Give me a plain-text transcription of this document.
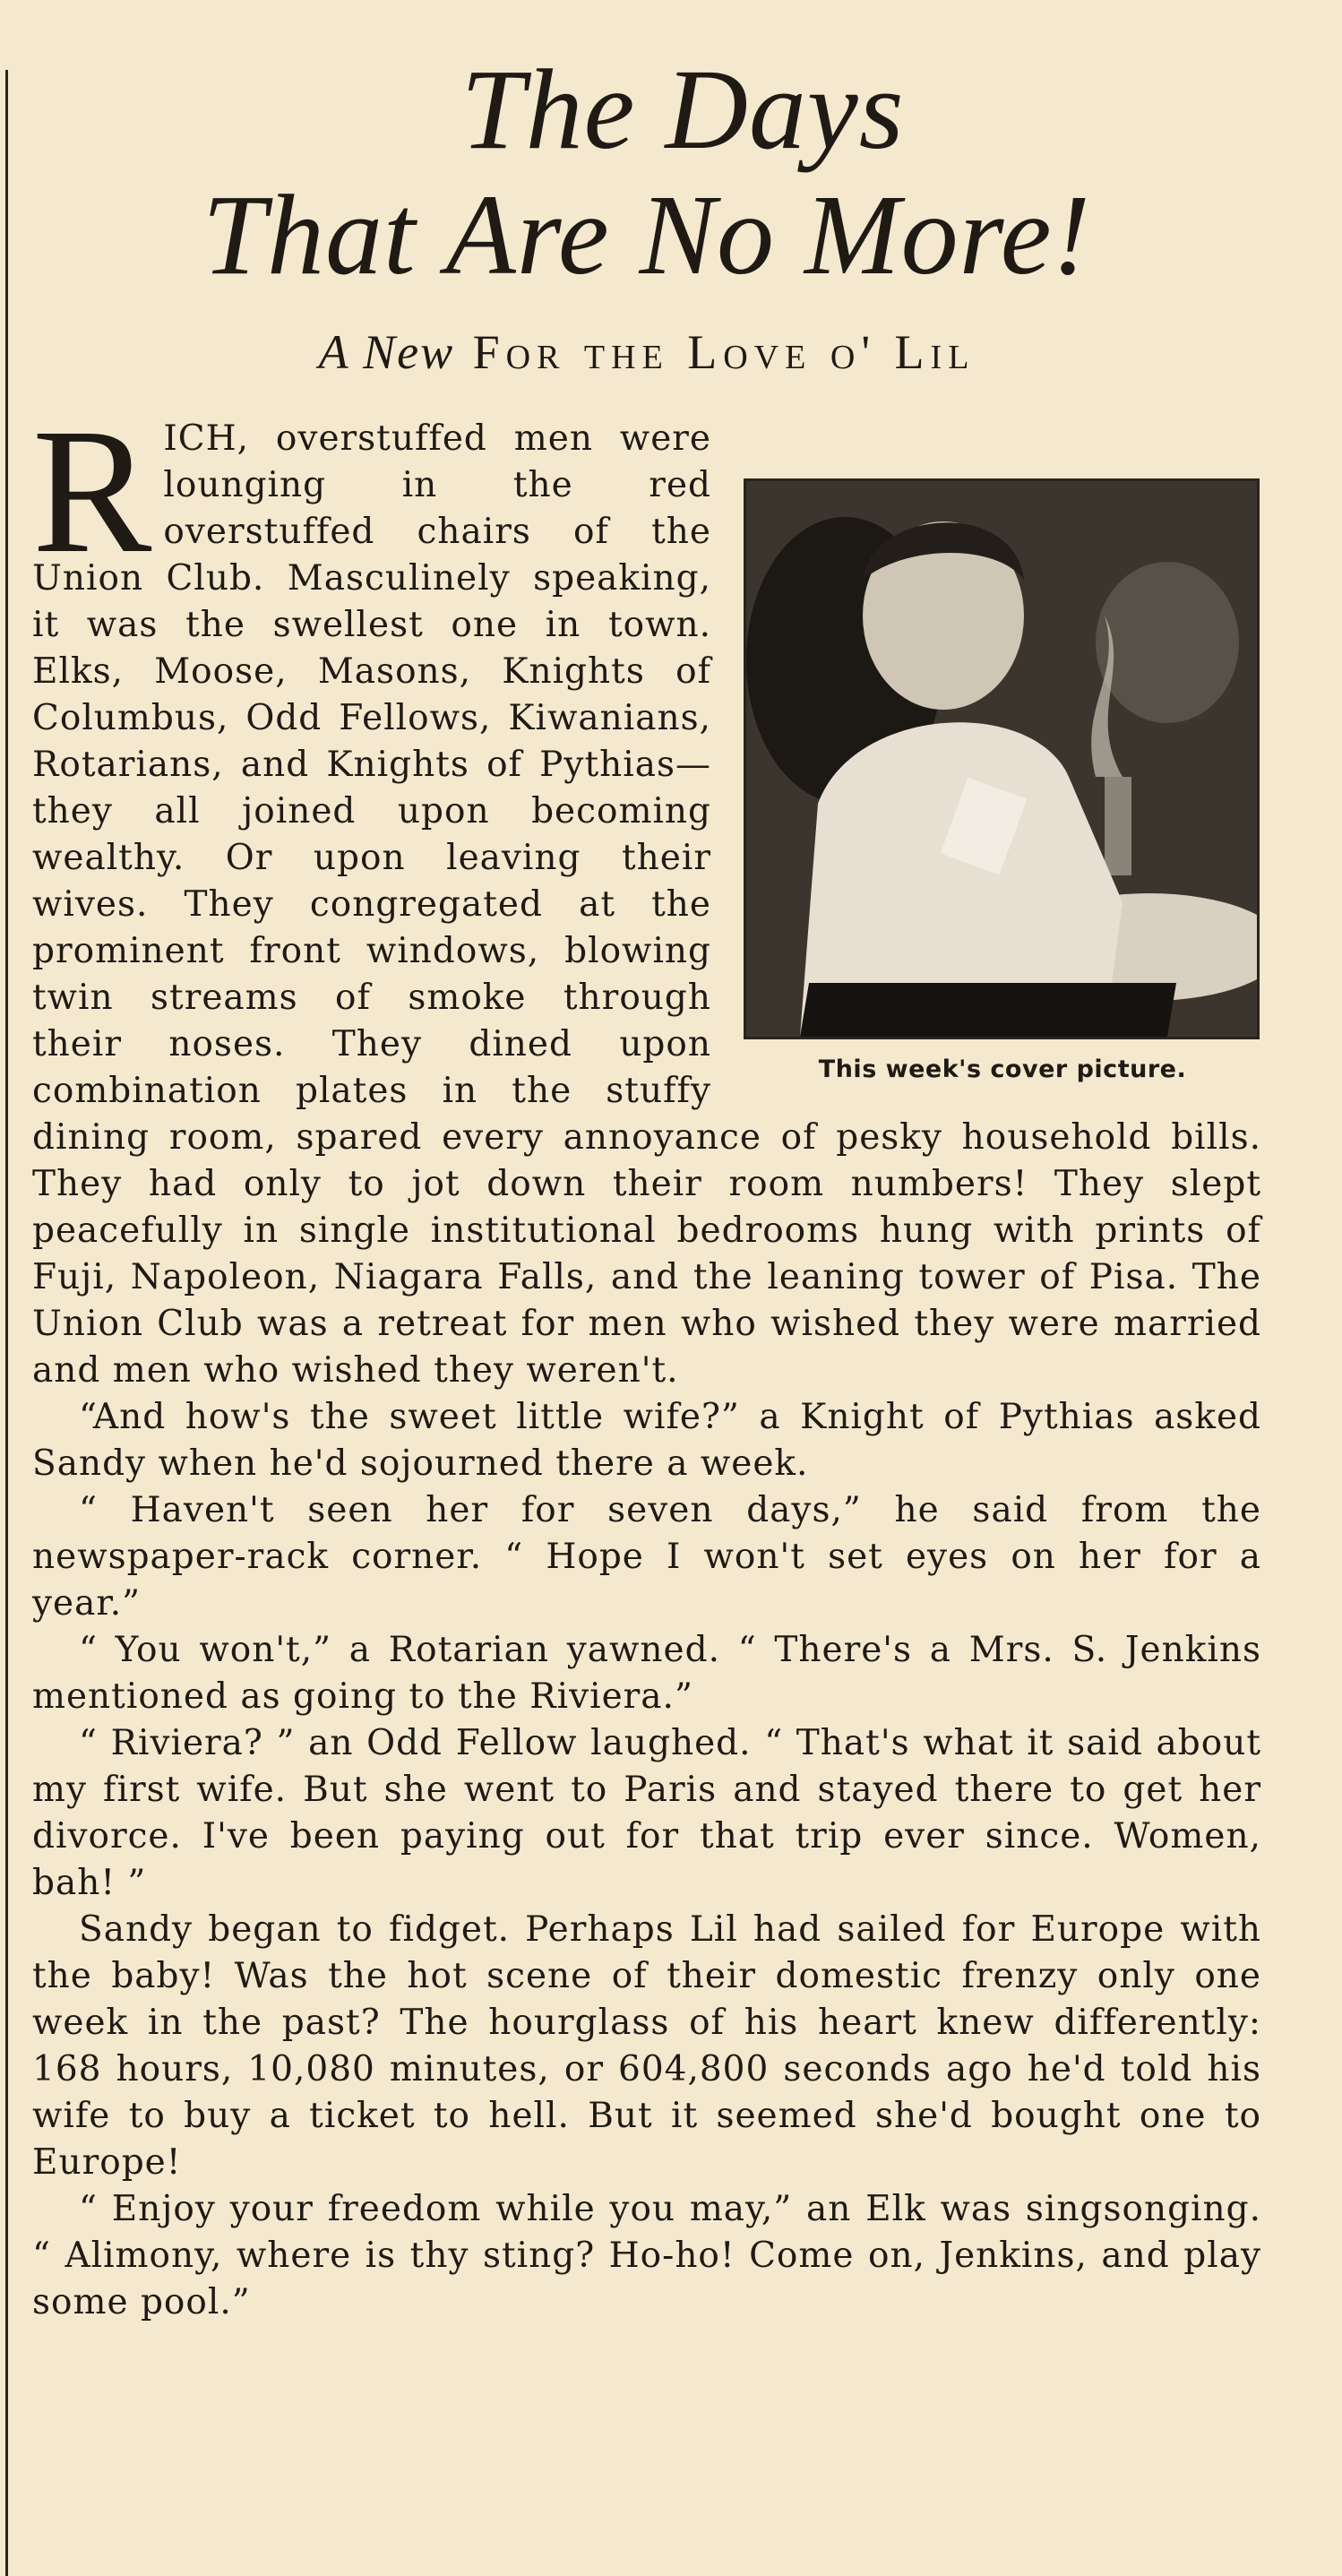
The Days
That Are No More!
A New For the Love o' Lil
This week's cover picture.

RICH, overstuffed men were lounging in the red overstuffed chairs of the Union Club. Masculinely speaking, it was the swellest one in town. Elks, Moose, Masons, Knights of Columbus, Odd Fellows, Kiwanians, Rotarians, and Knights of Pythias—they all joined upon becoming wealthy. Or upon leaving their wives. They congregated at the prominent front windows, blowing twin streams of smoke through their noses. They dined upon combination plates in the stuffy dining room, spared every annoyance of pesky household bills. They had only to jot down their room numbers! They slept peacefully in single institutional bedrooms hung with prints of Fuji, Napoleon, Niagara Falls, and the leaning tower of Pisa. The Union Club was a retreat for men who wished they were married and men who wished they weren't.

“And how's the sweet little wife?” a Knight of Pythias asked Sandy when he'd sojourned there a week.

“ Haven't seen her for seven days,” he said from the newspaper-rack corner. “ Hope I won't set eyes on her for a year.”

“ You won't,” a Rotarian yawned. “ There's a Mrs. S. Jenkins mentioned as going to the Riviera.”

“ Riviera? ” an Odd Fellow laughed. “ That's what it said about my first wife. But she went to Paris and stayed there to get her divorce. I've been paying out for that trip ever since. Women, bah! ”

Sandy began to fidget. Perhaps Lil had sailed for Europe with the baby! Was the hot scene of their domestic frenzy only one week in the past? The hourglass of his heart knew differently: 168 hours, 10,080 minutes, or 604,800 seconds ago he'd told his wife to buy a ticket to hell. But it seemed she'd bought one to Europe!

“ Enjoy your freedom while you may,” an Elk was singsonging. “ Alimony, where is thy sting? Ho-ho! Come on, Jenkins, and play some pool.”
